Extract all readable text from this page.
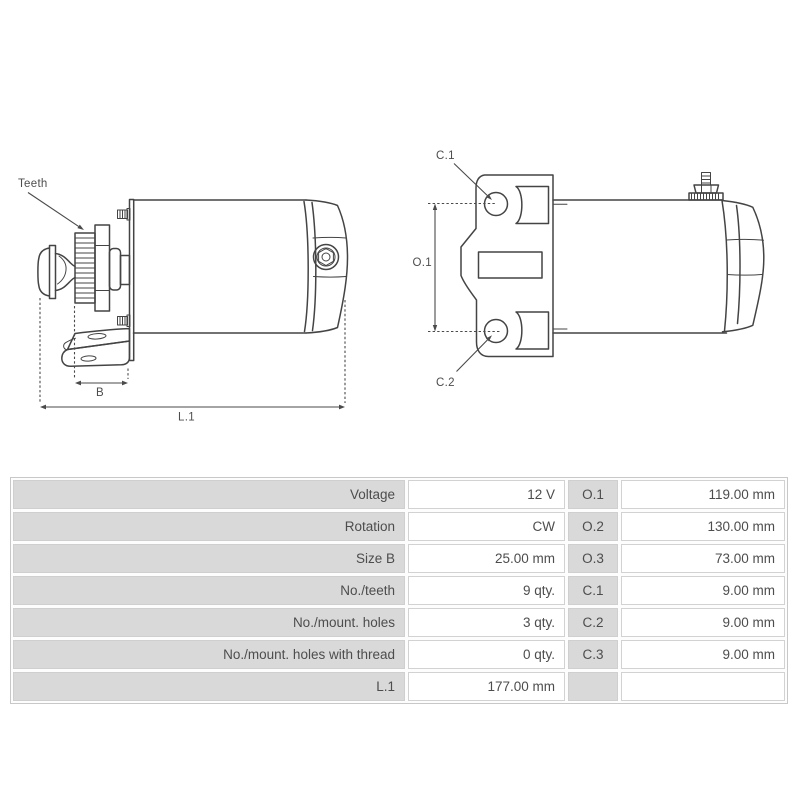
B
L.1
Teeth
O.1
C.1
C.2
Voltage	12 V	O.1	119.00 mm
Rotation	CW	O.2	130.00 mm
Size B	25.00 mm	O.3	73.00 mm
No./teeth	9 qty.	C.1	9.00 mm
No./mount. holes	3 qty.	C.2	9.00 mm
No./mount. holes with thread	0 qty.	C.3	9.00 mm
L.1	177.00 mm
